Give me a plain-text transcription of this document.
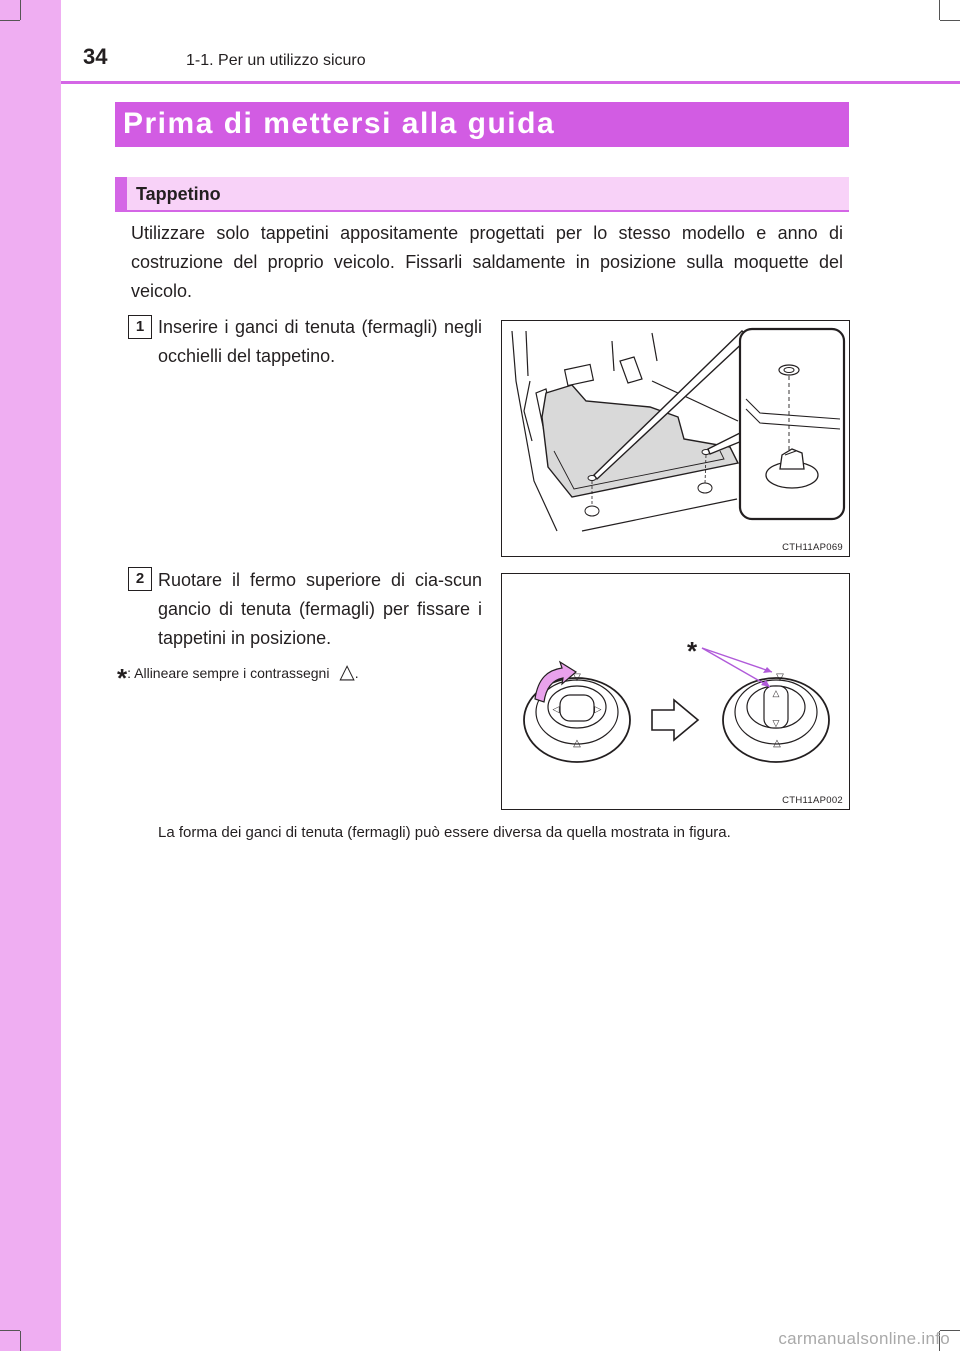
34	1-1. Per un utilizzo sicuro
Prima di mettersi alla guida
Tappetino
Utilizzare solo tappetini appositamente progettati per lo stesso modello e anno di costruzione del proprio veicolo. Fissarli saldamente in posizione sulla moquette del veicolo.
1 Inserire i ganci di tenuta (fermagli) negli occhielli del tappetino.
CTH11AP069
2 Ruotare il fermo superiore di cia-scun gancio di tenuta (fermagli) per fissare i tappetini in posizione.
*: Allineare sempre i contrassegni △.	▽
△
◁	▷
▽
△
△
▽
*
CTH11AP002
La forma dei ganci di tenuta (fermagli) può essere diversa da quella mostrata in figura.
carmanualsonline.info
